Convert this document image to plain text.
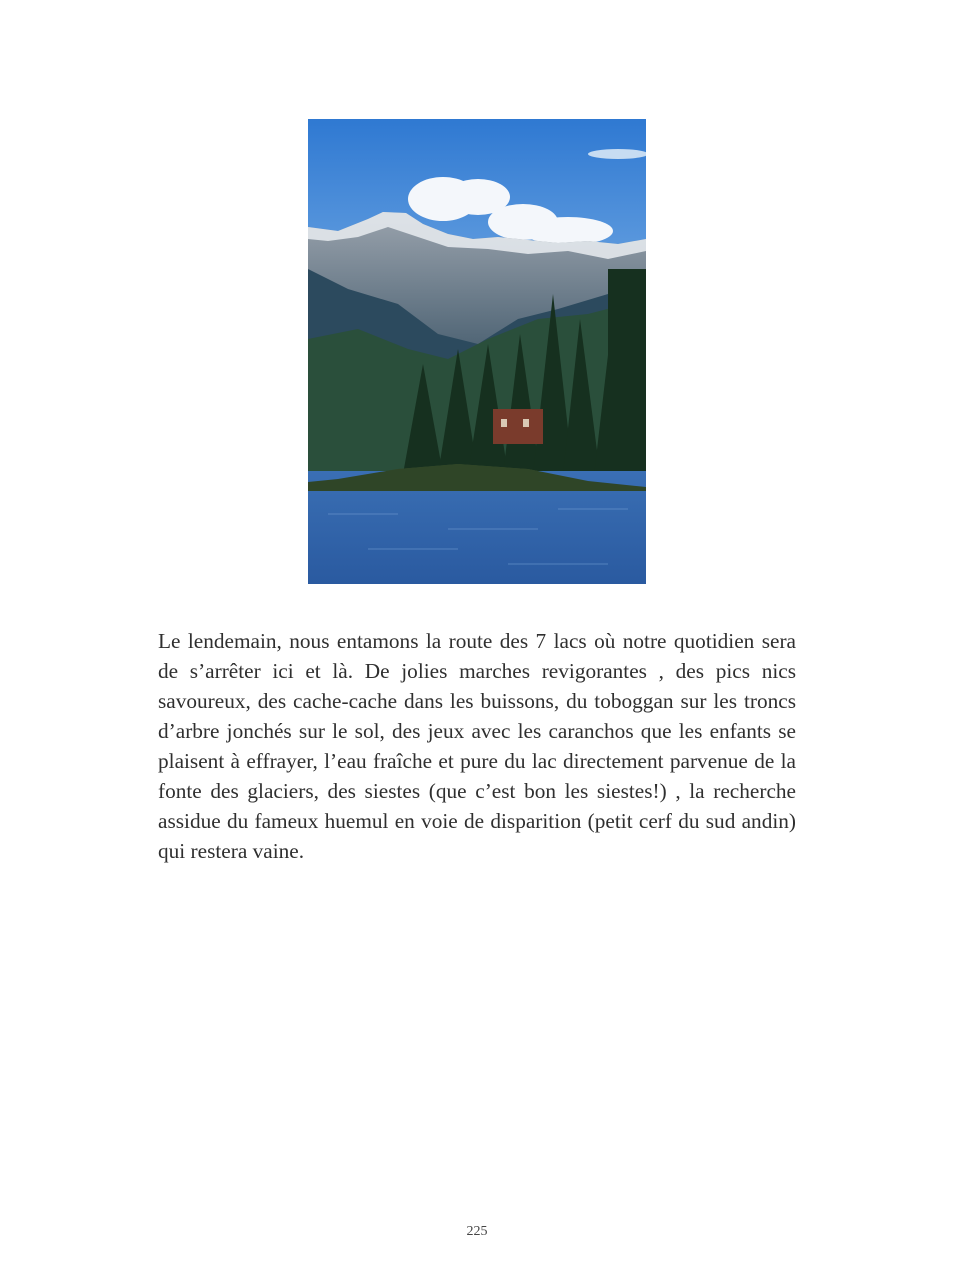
Le lendemain, nous entamons la route des 7 lacs où notre quotidien sera de s’arrêter ici et là. De jolies marches revigorantes , des pics nics savoureux, des cache-cache dans les buissons, du toboggan sur les troncs d’arbre jonchés sur le sol, des jeux avec les caranchos que les enfants se plaisent à effrayer, l’eau fraîche et pure du lac directement parvenue de la fonte des glaciers, des siestes (que c’est bon les siestes!) , la recherche assidue du fameux huemul en voie de disparition (petit cerf du sud andin) qui restera vaine.

225
